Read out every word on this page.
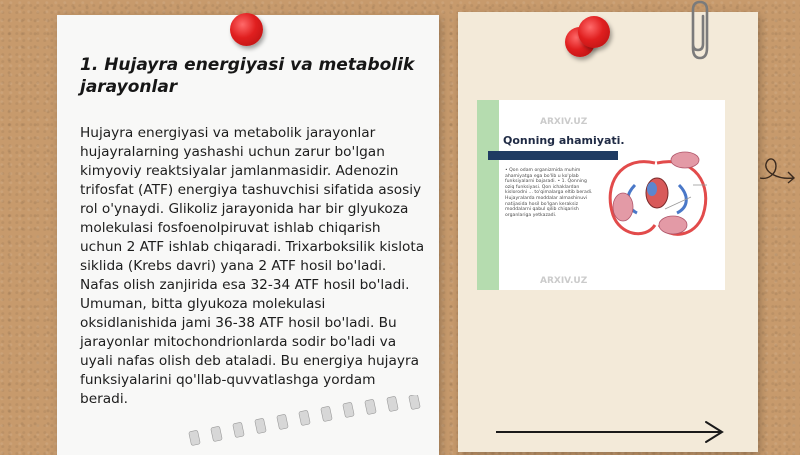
1. Hujayra energiyasi va metabolik jarayonlar
Hujayra energiyasi va metabolik jarayonlar hujayralarning yashashi uchun zarur bo'lgan kimyoviy reaktsiyalar jamlanmasidir. Adenozin trifosfat (ATF) energiya tashuvchisi sifatida asosiy rol o'ynaydi. Glikoliz jarayonida har bir glyukoza molekulasi fosfoenolpiruvat ishlab chiqarish uchun 2 ATF ishlab chiqaradi. Trixarboksilik kislota siklida (Krebs davri) yana 2 ATF hosil bo'ladi. Nafas olish zanjirida esa 32-34 ATF hosil bo'ladi. Umuman, bitta glyukoza molekulasi oksidlanishida jami 36-38 ATF hosil bo'ladi. Bu jarayonlar mitochondrionlarda sodir bo'ladi va uyali nafas olish deb ataladi. Bu energiya hujayra funksiyalarini qo'llab-quvvatlashga yordam beradi.
ARXIV.UZ
Qonning ahamiyati.
• Qon odam organizmida muhim ahamiyatga ega bo'lib u ko'plab funksiyalarni bajaradi. • 1. Qonning oziq funksiyasi. Qon ichaklardan kislorodni ... to'qimalarga eltib beradi. Hujayralarda moddalar almashinuvi natijasida hosil bo'lgan keraksiz moddalarni qabul qilib chiqarish organlariga yetkazadi.
ARXIV.UZ
